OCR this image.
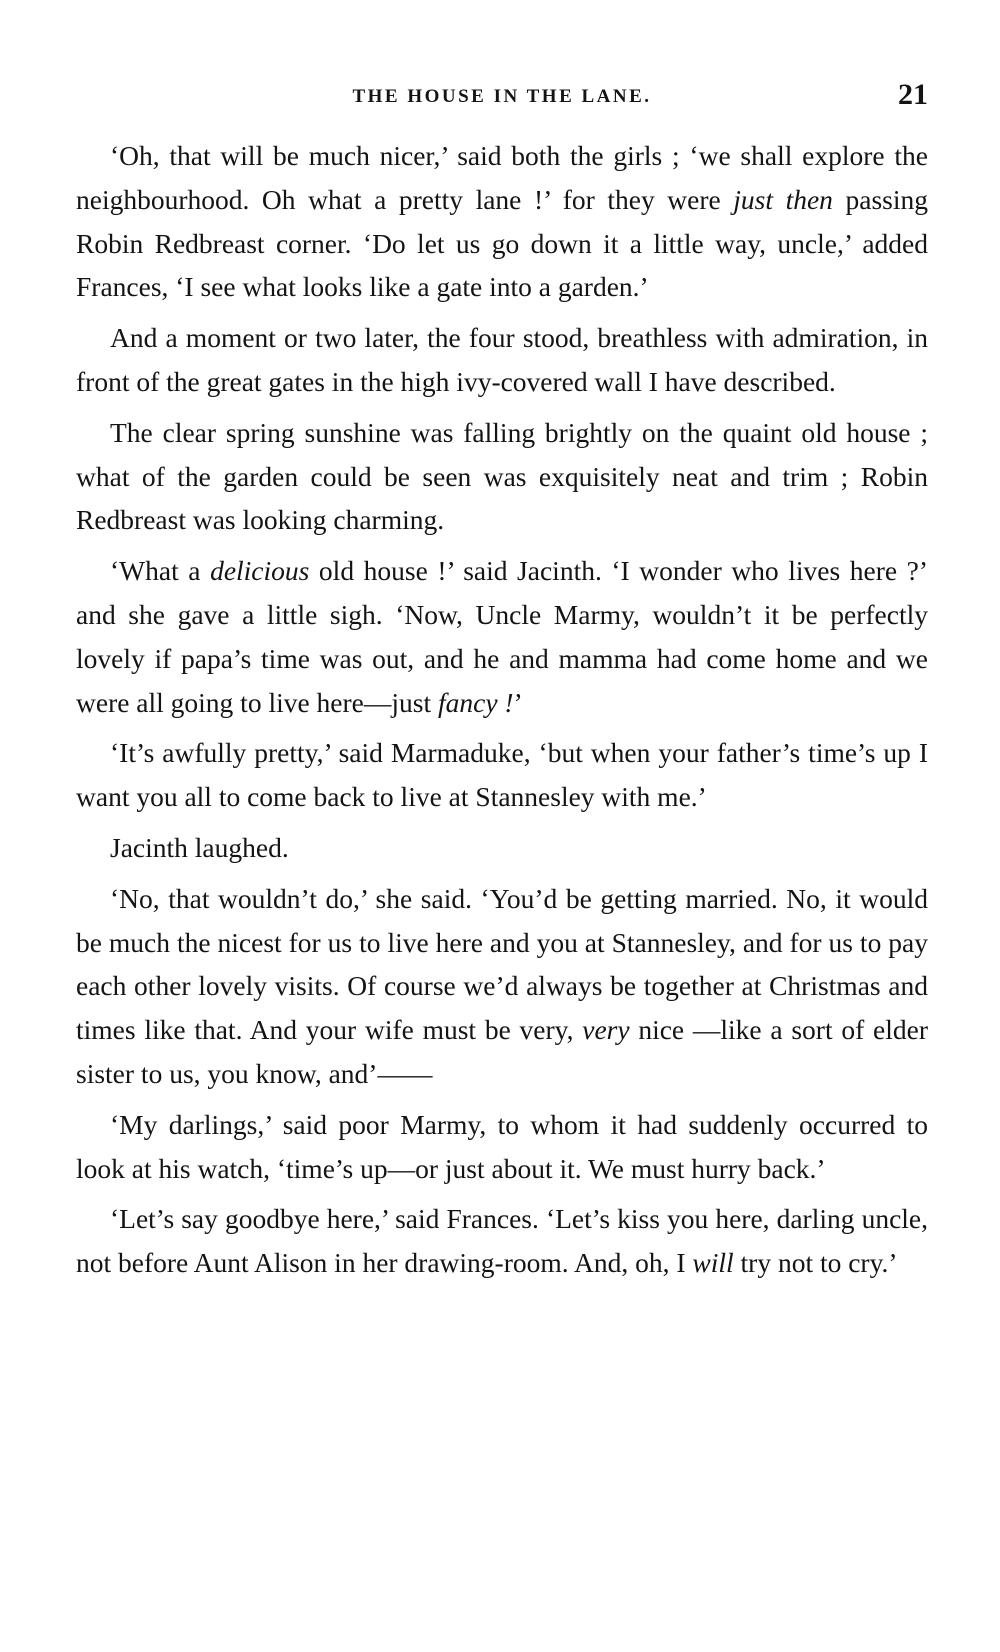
THE HOUSE IN THE LANE.	21

‘Oh, that will be much nicer,’ said both the girls ; ‘we shall explore the neighbourhood. Oh what a pretty lane !’ for they were just then passing Robin Redbreast corner. ‘Do let us go down it a little way, uncle,’ added Frances, ‘I see what looks like a gate into a garden.’

And a moment or two later, the four stood, breathless with admiration, in front of the great gates in the high ivy-covered wall I have described.

The clear spring sunshine was falling brightly on the quaint old house ; what of the garden could be seen was exquisitely neat and trim ; Robin Redbreast was looking charming.

‘What a delicious old house !’ said Jacinth. ‘I wonder who lives here ?’ and she gave a little sigh. ‘Now, Uncle Marmy, wouldn’t it be perfectly lovely if papa’s time was out, and he and mamma had come home and we were all going to live here—just fancy !’

‘It’s awfully pretty,’ said Marmaduke, ‘but when your father’s time’s up I want you all to come back to live at Stannesley with me.’

Jacinth laughed.

‘No, that wouldn’t do,’ she said. ‘You’d be getting married. No, it would be much the nicest for us to live here and you at Stannesley, and for us to pay each other lovely visits. Of course we’d always be together at Christmas and times like that. And your wife must be very, very nice —like a sort of elder sister to us, you know, and’——

‘My darlings,’ said poor Marmy, to whom it had suddenly occurred to look at his watch, ‘time’s up—or just about it. We must hurry back.’

‘Let’s say goodbye here,’ said Frances. ‘Let’s kiss you here, darling uncle, not before Aunt Alison in her drawing-room. And, oh, I will try not to cry.’
